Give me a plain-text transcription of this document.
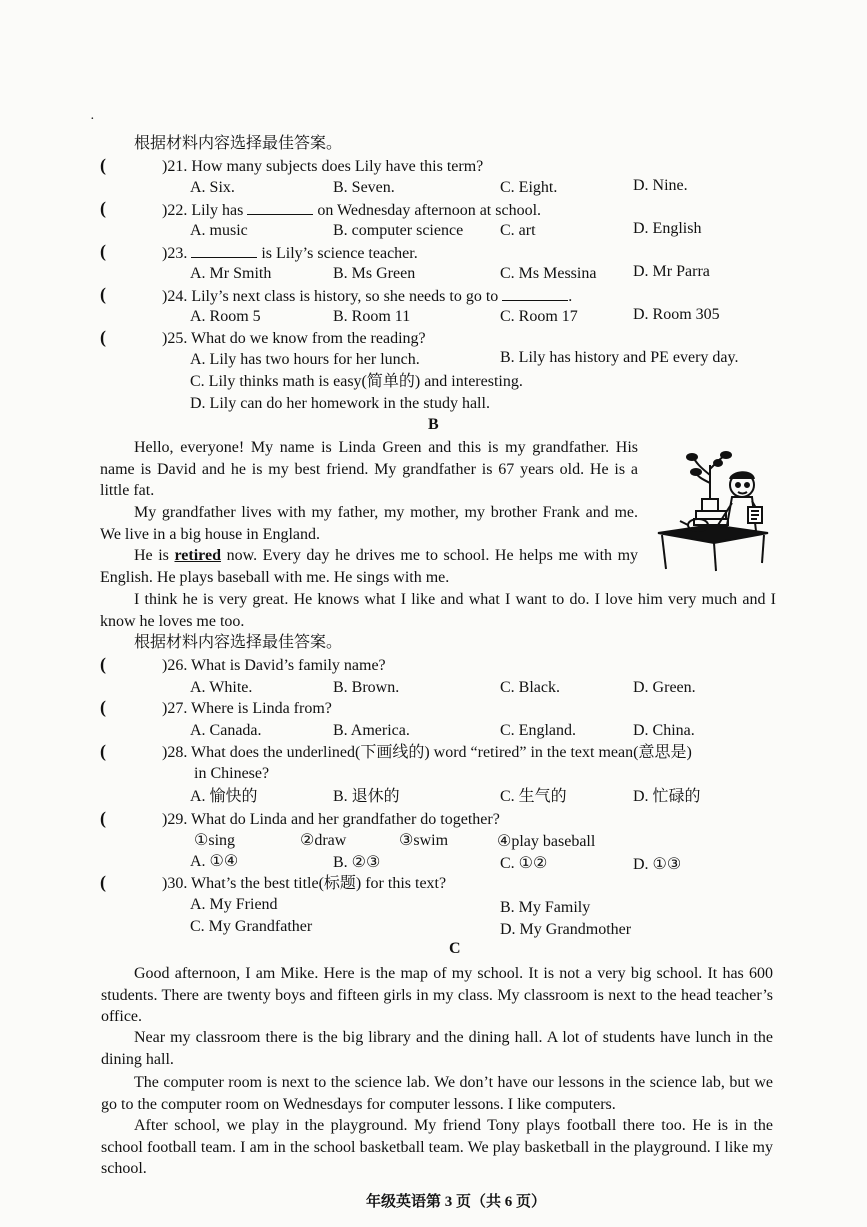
·
根据材料内容选择最佳答案。
(	)21. How many subjects does Lily have this term?
A. Six.	B. Seven.	C. Eight.	D. Nine.
(	)22. Lily has	on Wednesday afternoon at school.
A. music	B. computer science C. art	D. English
(	)23.	is Lily’s science teacher.
A. Mr Smith	B. Ms Green	C. Ms Messina D. Mr Parra
(	)24. Lily’s next class is history, so she needs to go to	.
A. Room 5	B. Room 11	C. Room 17	D. Room 305
(	)25. What do we know from the reading?
A. Lily has two hours for her lunch.	B. Lily has history and PE every day.
C. Lily thinks math is easy(简单的) and interesting.
D. Lily can do her homework in the study hall.
B
Hello, everyone! My name is Linda Green and this is my grandfather. His name is David and he is my best friend. My grandfather is 67 years old. He is a little fat.
My grandfather lives with my father, my mother, my brother Frank and me. We live in a big house in England.
He is retired now. Every day he drives me to school. He helps me with my English. He plays baseball with me. He sings with me.
I think he is very great. He knows what I like and what I want to do. I love him very much and I know he loves me too.
根据材料内容选择最佳答案。
(	)26. What is David’s family name?
A. White.	B. Brown.	C. Black.	D. Green.
(	)27. Where is Linda from?
A. Canada.	B. America.	C. England.	D. China.
(	)28. What does the underlined(下画线的) word “retired” in the text mean(意思是)
in Chinese?
A. 愉快的	B. 退休的	C. 生气的	D. 忙碌的
(	)29. What do Linda and her grandfather do together?
①sing	②draw	③swim	④play baseball
A. ①④	B. ②③	C. ①②	D. ①③
(	)30. What’s the best title(标题) for this text?
A. My Friend	B. My Family
C. My Grandfather	D. My Grandmother
C
Good afternoon, I am Mike. Here is the map of my school. It is not a very big school. It has 600 students. There are twenty boys and fifteen girls in my class. My classroom is next to the head teacher’s office.
Near my classroom there is the big library and the dining hall. A lot of students have lunch in the dining hall.
The computer room is next to the science lab. We don’t have our lessons in the science lab, but we go to the computer room on Wednesdays for computer lessons. I like computers.
After school, we play in the playground. My friend Tony plays football there too. He is in the school football team. I am in the school basketball team. We play basketball in the playground. I like my school.
年级英语第 3 页（共 6 页）
